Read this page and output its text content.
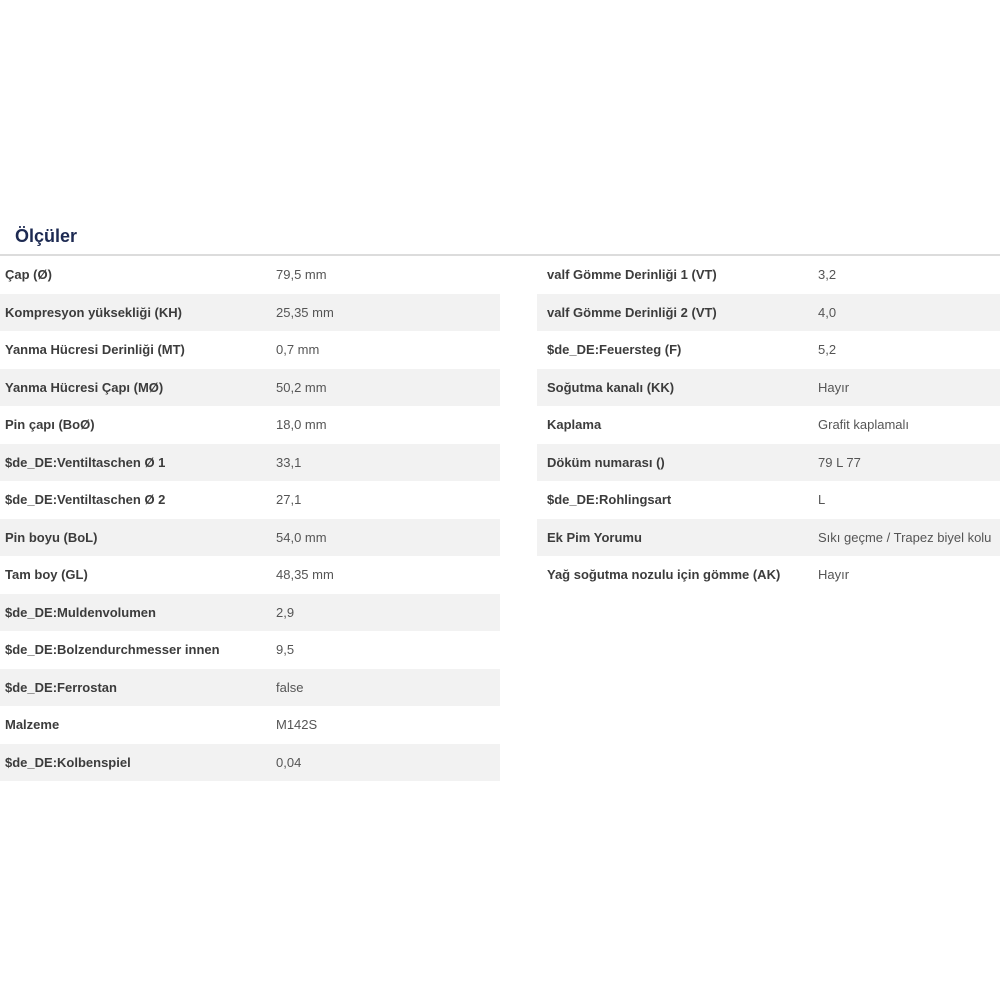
Ölçüler
Çap (Ø)	79,5 mm
Kompresyon yüksekliği (KH)	25,35 mm
Yanma Hücresi Derinliği (MT)	0,7 mm
Yanma Hücresi Çapı (MØ)	50,2 mm
Pin çapı (BoØ)	18,0 mm
$de_DE:Ventiltaschen Ø 1	33,1
$de_DE:Ventiltaschen Ø 2	27,1
Pin boyu (BoL)	54,0 mm
Tam boy (GL)	48,35 mm
$de_DE:Muldenvolumen	2,9
$de_DE:Bolzendurchmesser innen	9,5
$de_DE:Ferrostan	false
Malzeme	M142S
$de_DE:Kolbenspiel	0,04
valf Gömme Derinliği 1 (VT)	3,2
valf Gömme Derinliği 2 (VT)	4,0
$de_DE:Feuersteg (F)	5,2
Soğutma kanalı (KK)	Hayır
Kaplama	Grafit kaplamalı
Döküm numarası ()	79 L 77
$de_DE:Rohlingsart	L
Ek Pim Yorumu	Sıkı geçme / Trapez biyel kolu
Yağ soğutma nozulu için gömme (AK)	Hayır
